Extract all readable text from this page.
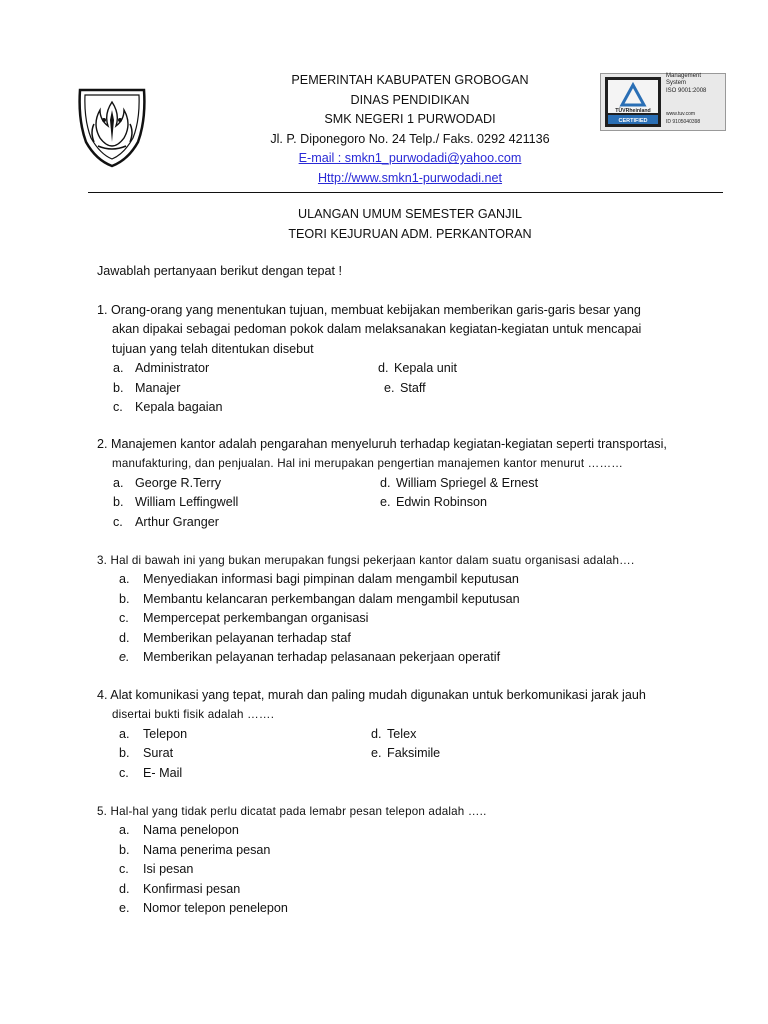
TÜVRheinland
CERTIFIED
Management
System
ISO 9001:2008
www.tuv.com
ID 9105040398
PEMERINTAH KABUPATEN GROBOGAN
DINAS PENDIDIKAN
SMK NEGERI 1 PURWODADI
Jl. P. Diponegoro No. 24 Telp./ Faks. 0292 421136
E-mail : smkn1_purwodadi@yahoo.com
Http://www.smkn1-purwodadi.net
ULANGAN UMUM SEMESTER GANJIL
TEORI KEJURUAN ADM. PERKANTORAN
Jawablah pertanyaan berikut dengan tepat !
1. Orang-orang yang menentukan tujuan, membuat kebijakan memberikan garis-garis besar yang
akan dipakai sebagai pedoman pokok dalam melaksanakan kegiatan-kegiatan untuk mencapai
tujuan yang telah ditentukan disebut
a. Administrator	d. Kepala unit
b. Manajer	e. Staff
c. Kepala bagaian
2. Manajemen kantor adalah pengarahan menyeluruh terhadap kegiatan-kegiatan seperti transportasi,
manufakturing, dan penjualan. Hal ini merupakan pengertian manajemen kantor menurut ………
a. George R.Terry	d. William Spriegel & Ernest
b. William Leffingwell	e. Edwin Robinson
c. Arthur Granger
3. Hal di bawah ini yang bukan merupakan fungsi pekerjaan kantor dalam suatu organisasi adalah….
a. Menyediakan informasi bagi pimpinan dalam mengambil keputusan
b. Membantu kelancaran perkembangan dalam mengambil keputusan
c. Mempercepat perkembangan organisasi
d. Memberikan pelayanan terhadap staf
e. Memberikan pelayanan terhadap pelasanaan pekerjaan operatif
4. Alat komunikasi yang tepat, murah dan paling mudah digunakan untuk berkomunikasi jarak jauh
disertai bukti fisik adalah …….
a. Telepon	d. Telex
b. Surat	e. Faksimile
c. E- Mail
5. Hal-hal yang tidak perlu dicatat pada lemabr pesan telepon adalah …..
a. Nama penelopon
b. Nama penerima pesan
c. Isi pesan
d. Konfirmasi pesan
e. Nomor telepon penelepon
